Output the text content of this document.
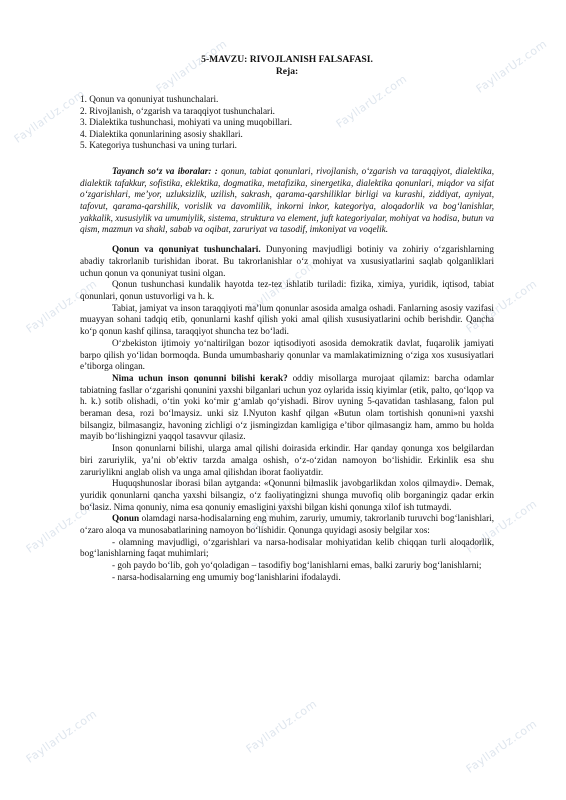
FayllarUz.com
FayllarUz.com
FayllarUz.com
FayllarUz.com
FayllarUz.com	FayllarUz.com	FayllarUz.com
FayllarUz.com	FayllarUz.com	FayllarUz.com
FayllarUz.com	FayllarUz.com	FayllarUz.com
5-MAVZU: RIVOJLANISH FALSAFASI.
Reja:
1. Qonun va qonuniyat tushunchalari.
2. Rivojlanish, o‘zgarish va taraqqiyot tushunchalari.
3. Dialektika tushunchasi, mohiyati va uning muqobillari.
4. Dialektika qonunlarining asosiy shakllari.
5. Kategoriya tushunchasi va uning turlari.

Tayanch so‘z va iboralar: : qonun, tabiat qonunlari, rivojlanish, o‘zgarish va taraqqiyot, dialektika, dialektik tafakkur, sofistika, eklektika, dogmatika, metafizika, sinergetika, dialektika qonunlari, miqdor va sifat o‘zgarishlari, me’yor, uzluksizlik, uzilish, sakrash, qarama-qarshiliklar birligi va kurashi, ziddiyat, ayniyat, tafovut, qarama-qarshilik, vorislik va davomlilik, inkorni inkor, kategoriya, aloqadorlik va bog‘lanishlar, yakkalik, xususiylik va umumiylik, sistema, struktura va element, juft kategoriyalar, mohiyat va hodisa, butun va qism, mazmun va shakl, sabab va oqibat, zaruriyat va tasodif, imkoniyat va voqelik.

Qonun va qonuniyat tushunchalari. Dunyoning mavjudligi botiniy va zohiriy o‘zgarishlarning abadiy takrorlanib turishidan iborat. Bu takrorlanishlar o‘z mohiyat va xususiyatlarini saqlab qolganliklari uchun qonun va qonuniyat tusini olgan.

Qonun tushunchasi kundalik hayotda tez-tez ishlatib turiladi: fizika, ximiya, yuridik, iqtisod, tabiat qonunlari, qonun ustuvorligi va h. k.

Tabiat, jamiyat va inson taraqqiyoti ma’lum qonunlar asosida amalga oshadi. Fanlarning asosiy vazifasi muayyan sohani tadqiq etib, qonunlarni kashf qilish yoki amal qilish xususiyatlarini ochib berishdir. Qancha ko‘p qonun kashf qilinsa, taraqqiyot shuncha tez bo‘ladi.

O‘zbekiston ijtimoiy yo‘naltirilgan bozor iqtisodiyoti asosida demokratik davlat, fuqarolik jamiyati barpo qilish yo‘lidan bormoqda. Bunda umumbashariy qonunlar va mamlakatimizning o‘ziga xos xususiyatlari e’tiborga olingan.

Nima uchun inson qonunni bilishi kerak? oddiy misollarga murojaat qilamiz: barcha odamlar tabiatning fasllar o‘zgarishi qonunini yaxshi bilganlari uchun yoz oylarida issiq kiyimlar (etik, palto, qo‘lqop va h. k.) sotib olishadi, o‘tin yoki ko‘mir g‘amlab qo‘yishadi. Birov uyning 5-qavatidan tashlasang, falon pul beraman desa, rozi bo‘lmaysiz. unki siz I.Nyuton kashf qilgan «Butun olam tortishish qonuni»ni yaxshi bilsangiz, bilmasangiz, havoning zichligi o‘z jismingizdan kamligiga e’tibor qilmasangiz ham, ammo bu holda mayib bo‘lishingizni yaqqol tasavvur qilasiz.

Inson qonunlarni bilishi, ularga amal qilishi doirasida erkindir. Har qanday qonunga xos belgilardan biri zaruriylik, ya’ni ob’ektiv tarzda amalga oshish, o‘z-o‘zidan namoyon bo‘lishidir. Erkinlik esa shu zaruriylikni anglab olish va unga amal qilishdan iborat faoliyatdir.

Huquqshunoslar iborasi bilan aytganda: «Qonunni bilmaslik javobgarlikdan xolos qilmaydi». Demak, yuridik qonunlarni qancha yaxshi bilsangiz, o‘z faoliyatingizni shunga muvofiq olib borganingiz qadar erkin bo‘lasiz. Nima qonuniy, nima esa qonuniy emasligini yaxshi bilgan kishi qonunga xilof ish tutmaydi.

Qonun olamdagi narsa-hodisalarning eng muhim, zaruriy, umumiy, takrorlanib turuvchi bog‘lanishlari, o‘zaro aloqa va munosabatlarining namoyon bo‘lishidir. Qonunga quyidagi asosiy belgilar xos:

- olamning mavjudligi, o‘zgarishlari va narsa-hodisalar mohiyatidan kelib chiqqan turli aloqadorlik, bog‘lanishlarning faqat muhimlari;

- goh paydo bo‘lib, goh yo‘qoladigan – tasodifiy bog‘lanishlarni emas, balki zaruriy bog‘lanishlarni;

- narsa-hodisalarning eng umumiy bog‘lanishlarini ifodalaydi.
